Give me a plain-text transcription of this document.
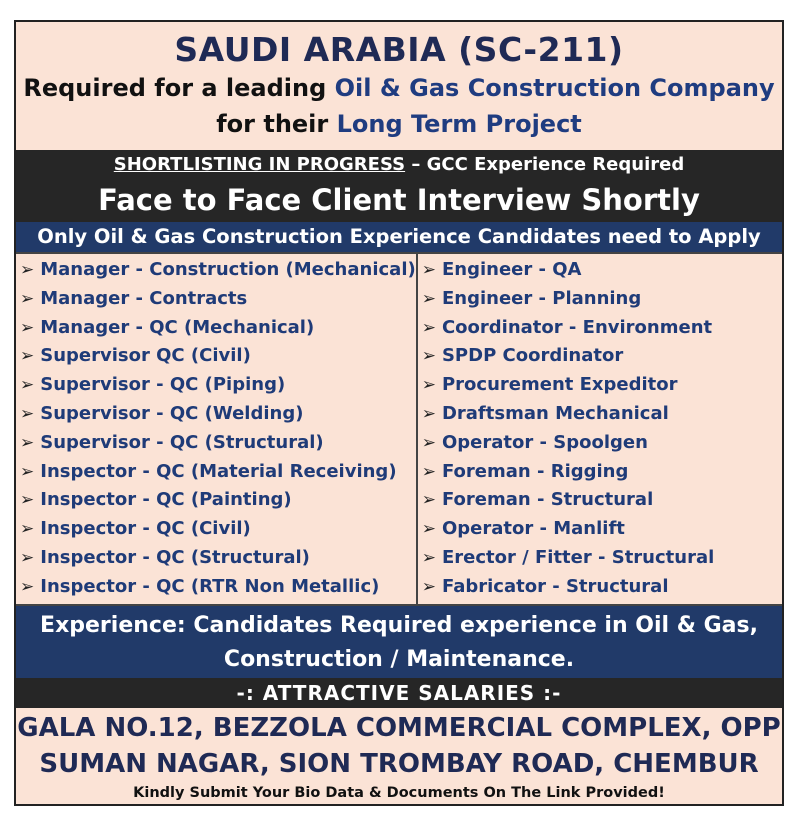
SAUDI ARABIA (SC-211)
Required for a leading Oil & Gas Construction Company
for their Long Term Project
SHORTLISTING IN PROGRESS – GCC Experience Required
Face to Face Client Interview Shortly
Only Oil & Gas Construction Experience Candidates need to Apply
➢ Manager - Construction (Mechanical)
➢ Manager - Contracts
➢ Manager - QC (Mechanical)
➢ Supervisor QC (Civil)
➢ Supervisor - QC (Piping)
➢ Supervisor - QC (Welding)
➢ Supervisor - QC (Structural)
➢ Inspector - QC (Material Receiving)
➢ Inspector - QC (Painting)
➢ Inspector - QC (Civil)
➢ Inspector - QC (Structural)
➢ Inspector - QC (RTR Non Metallic)
➢ Engineer - QA
➢ Engineer - Planning
➢ Coordinator - Environment
➢ SPDP Coordinator
➢ Procurement Expeditor
➢ Draftsman Mechanical
➢ Operator - Spoolgen
➢ Foreman - Rigging
➢ Foreman - Structural
➢ Operator - Manlift
➢ Erector / Fitter - Structural
➢ Fabricator - Structural
Experience: Candidates Required experience in Oil & Gas,
Construction / Maintenance.
-: ATTRACTIVE SALARIES :-
GALA NO.12, BEZZOLA COMMERCIAL COMPLEX, OPP
SUMAN NAGAR, SION TROMBAY ROAD, CHEMBUR
Kindly Submit Your Bio Data & Documents On The Link Provided!
